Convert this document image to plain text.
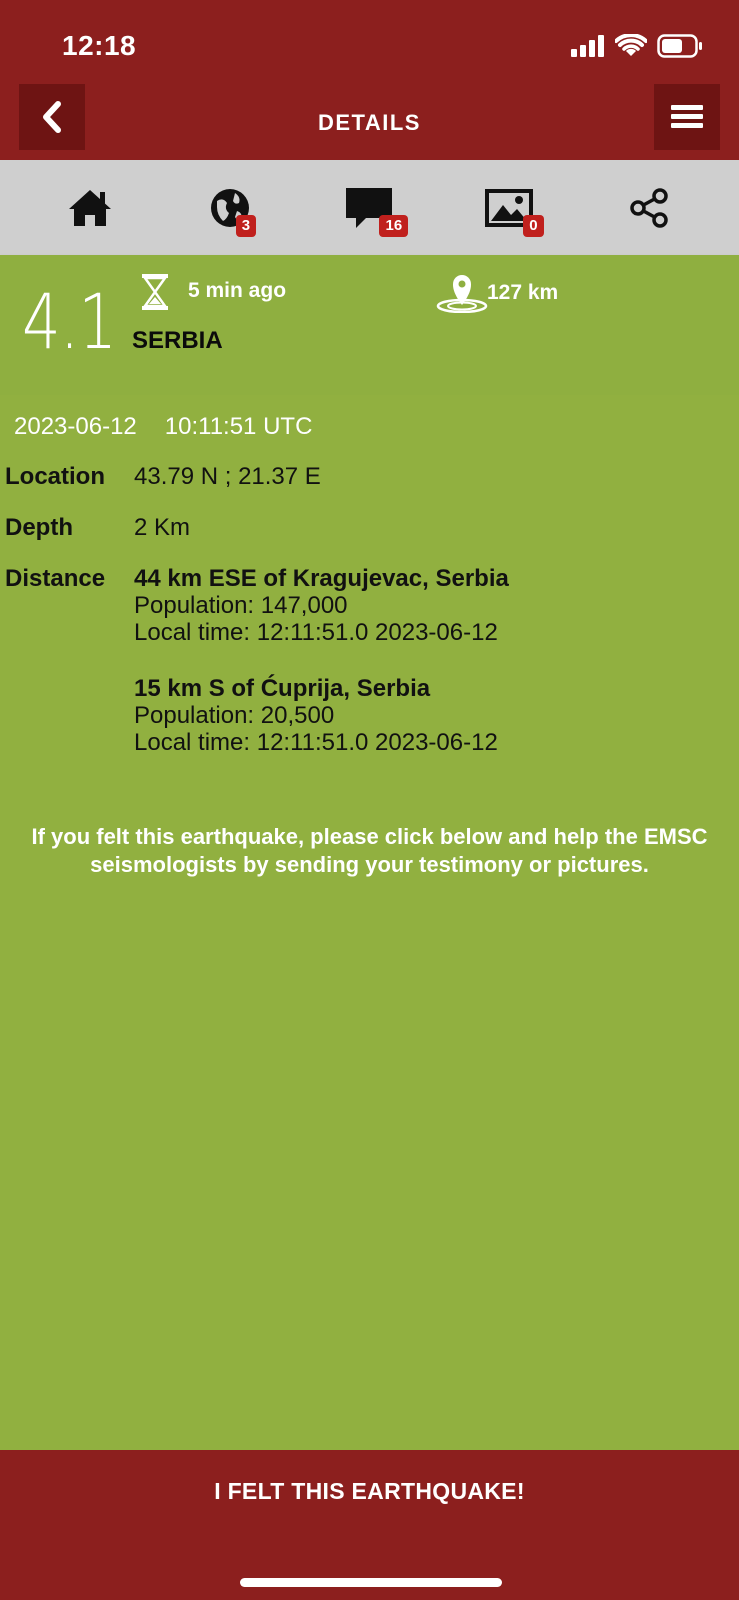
12:18
DETAILS
3	16	0
4.1	5 min ago	127 km
SERBIA
2023-06-12 10:11:51 UTC
Location 43.79 N ; 21.37 E
Depth	2 Km
Distance 44 km ESE of Kragujevac, Serbia
Population: 147,000
Local time: 12:11:51.0 2023-06-12
15 km S of Ćuprija, Serbia
Population: 20,500
Local time: 12:11:51.0 2023-06-12
If you felt this earthquake, please click below and help the EMSC seismologists by sending your testimony or pictures.
I FELT THIS EARTHQUAKE!
